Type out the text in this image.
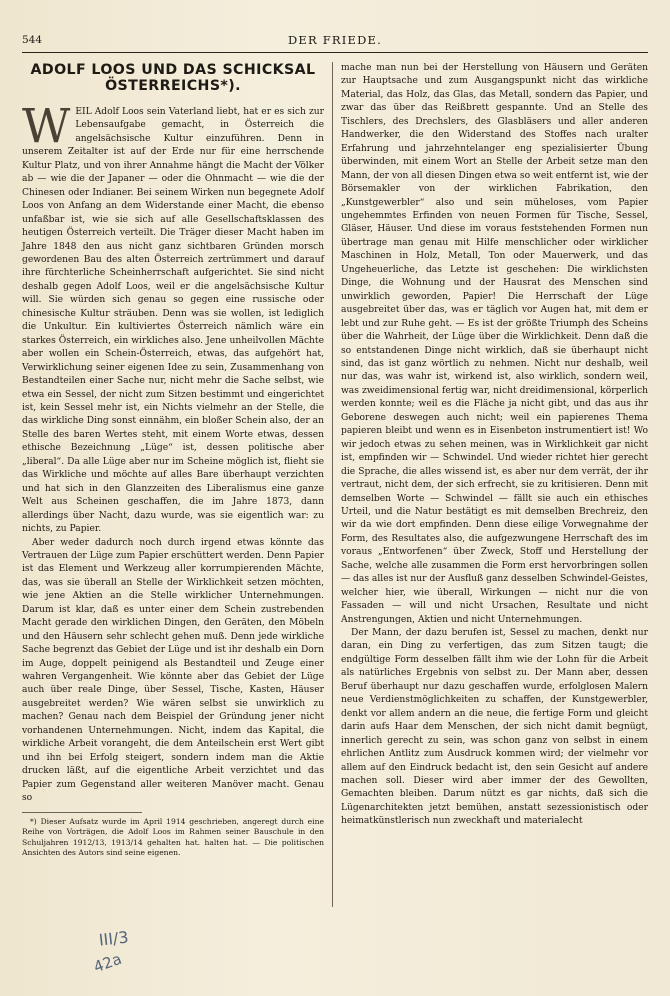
544	DER FRIEDE.
ADOLF LOOS UND DAS SCHICKSAL ÖSTERREICHS*).

WEIL Adolf Loos sein Vaterland liebt, hat er es sich zur Lebensaufgabe gemacht, in Österreich die angelsächsische Kultur einzuführen. Denn in unserem Zeitalter ist auf der Erde nur für eine herrschende Kultur Platz, und von ihrer Annahme hängt die Macht der Völker ab — wie die der Japaner — oder die Ohnmacht — wie die der Chinesen oder Indianer. Bei seinem Wirken nun begegnete Adolf Loos von Anfang an dem Widerstande einer Macht, die ebenso unfaßbar ist, wie sie sich auf alle Gesellschaftsklassen des heutigen Österreich verteilt. Die Träger dieser Macht haben im Jahre 1848 den aus nicht ganz sichtbaren Gründen morsch gewordenen Bau des alten Österreich zertrümmert und darauf ihre fürchterliche Scheinherrschaft aufgerichtet. Sie sind nicht deshalb gegen Adolf Loos, weil er die angelsächsische Kultur will. Sie würden sich genau so gegen eine russische oder chinesische Kultur sträuben. Denn was sie wollen, ist lediglich die Unkultur. Ein kultiviertes Österreich nämlich wäre ein starkes Österreich, ein wirkliches also. Jene unheilvollen Mächte aber wollen ein Schein-Österreich, etwas, das aufgehört hat, Verwirklichung seiner eigenen Idee zu sein, Zusammenhang von Bestandteilen einer Sache nur, nicht mehr die Sache selbst, wie etwa ein Sessel, der nicht zum Sitzen bestimmt und eingerichtet ist, kein Sessel mehr ist, ein Nichts vielmehr an der Stelle, die das wirkliche Ding sonst einnähm, ein bloßer Schein also, der an Stelle des baren Wertes steht, mit einem Worte etwas, dessen ethische Bezeichnung „Lüge“ ist, dessen politische aber „liberal“. Da alle Lüge aber nur im Scheine möglich ist, flieht sie das Wirkliche und möchte auf alles Bare überhaupt verzichten und hat sich in den Glanzzeiten des Liberalismus eine ganze Welt aus Scheinen geschaffen, die im Jahre 1873, dann allerdings über Nacht, dazu wurde, was sie eigentlich war: zu nichts, zu Papier.

Aber weder dadurch noch durch irgend etwas könnte das Vertrauen der Lüge zum Papier erschüttert werden. Denn Papier ist das Element und Werkzeug aller korrumpierenden Mächte, das, was sie überall an Stelle der Wirklichkeit setzen möchten, wie jene Aktien an die Stelle wirklicher Unternehmungen. Darum ist klar, daß es unter einer dem Schein zustrebenden Macht gerade den wirklichen Dingen, den Geräten, den Möbeln und den Häusern sehr schlecht gehen muß. Denn jede wirkliche Sache begrenzt das Gebiet der Lüge und ist ihr deshalb ein Dorn im Auge, doppelt peinigend als Bestandteil und Zeuge einer wahren Vergangenheit. Wie könnte aber das Gebiet der Lüge auch über reale Dinge, über Sessel, Tische, Kasten, Häuser ausgebreitet werden? Wie wären selbst sie unwirklich zu machen? Genau nach dem Beispiel der Gründung jener nicht vorhandenen Unternehmungen. Nicht, indem das Kapital, die wirkliche Arbeit vorangeht, die dem Anteilschein erst Wert gibt und ihn bei Erfolg steigert, sondern indem man die Aktie drucken läßt, auf die eigentliche Arbeit verzichtet und das Papier zum Gegenstand aller weiteren Manöver macht. Genau so

*) Dieser Aufsatz wurde im April 1914 geschrieben, angeregt durch eine Reihe von Vorträgen, die Adolf Loos im Rahmen seiner Bauschule in den Schuljahren 1912/13, 1913/14 gehalten hat. halten hat. — Die politischen Ansichten des Autors sind seine eigenen.

mache man nun bei der Herstellung von Häusern und Geräten zur Hauptsache und zum Ausgangspunkt nicht das wirkliche Material, das Holz, das Glas, das Metall, sondern das Papier, und zwar das über das Reißbrett gespannte. Und an Stelle des Tischlers, des Drechslers, des Glasbläsers und aller anderen Handwerker, die den Widerstand des Stoffes nach uralter Erfahrung und jahrzehntelanger eng spezialisierter Übung überwinden, mit einem Wort an Stelle der Arbeit setze man den Mann, der von all diesen Dingen etwa so weit entfernt ist, wie der Börsemakler von der wirklichen Fabrikation, den „Kunstgewerbler“ also und sein müheloses, vom Papier ungehemmtes Erfinden von neuen Formen für Tische, Sessel, Gläser, Häuser. Und diese im voraus feststehenden Formen nun übertrage man genau mit Hilfe menschlicher oder wirklicher Maschinen in Holz, Metall, Ton oder Mauerwerk, und das Ungeheuerliche, das Letzte ist geschehen: Die wirklichsten Dinge, die Wohnung und der Hausrat des Menschen sind unwirklich geworden, Papier! Die Herrschaft der Lüge ausgebreitet über das, was er täglich vor Augen hat, mit dem er lebt und zur Ruhe geht. — Es ist der größte Triumph des Scheins über die Wahrheit, der Lüge über die Wirklichkeit. Denn daß die so entstandenen Dinge nicht wirklich, daß sie überhaupt nicht sind, das ist ganz wörtlich zu nehmen. Nicht nur deshalb, weil nur das, was wahr ist, wirkend ist, also wirklich, sondern weil, was zweidimensional fertig war, nicht dreidimensional, körperlich werden konnte; weil es die Fläche ja nicht gibt, und das aus ihr Geborene deswegen auch nicht; weil ein papierenes Thema papieren bleibt und wenn es in Eisenbeton instrumentiert ist! Wo wir jedoch etwas zu sehen meinen, was in Wirklichkeit gar nicht ist, empfinden wir — Schwindel. Und wieder richtet hier gerecht die Sprache, die alles wissend ist, es aber nur dem verrät, der ihr vertraut, nicht dem, der sich erfrecht, sie zu kritisieren. Denn mit demselben Worte — Schwindel — fällt sie auch ein ethisches Urteil, und die Natur bestätigt es mit demselben Brechreiz, den wir da wie dort empfinden. Denn diese eilige Vorwegnahme der Form, des Resultates also, die aufgezwungene Herrschaft des im voraus „Entworfenen“ über Zweck, Stoff und Herstellung der Sache, welche alle zusammen die Form erst hervorbringen sollen — das alles ist nur der Ausfluß ganz desselben Schwindel-Geistes, welcher hier, wie überall, Wirkungen — nicht nur die von Fassaden — will und nicht Ursachen, Resultate und nicht Anstrengungen, Aktien und nicht Unternehmungen.

Der Mann, der dazu berufen ist, Sessel zu machen, denkt nur daran, ein Ding zu verfertigen, das zum Sitzen taugt; die endgültige Form desselben fällt ihm wie der Lohn für die Arbeit als natürliches Ergebnis von selbst zu. Der Mann aber, dessen Beruf überhaupt nur dazu geschaffen wurde, erfolglosen Malern neue Verdienstmöglichkeiten zu schaffen, der Kunstgewerbler, denkt vor allem andern an die neue, die fertige Form und gleicht darin aufs Haar dem Menschen, der sich nicht damit begnügt, innerlich gerecht zu sein, was schon ganz von selbst in einem ehrlichen Antlitz zum Ausdruck kommen wird; der vielmehr vor allem auf den Eindruck bedacht ist, den sein Gesicht auf andere machen soll. Dieser wird aber immer der des Gewollten, Gemachten bleiben. Darum nützt es gar nichts, daß sich die Lügenarchitekten jetzt bemühen, anstatt sezessionistisch oder heimatkünstlerisch nun zweckhaft und materialecht

III/3
42a
